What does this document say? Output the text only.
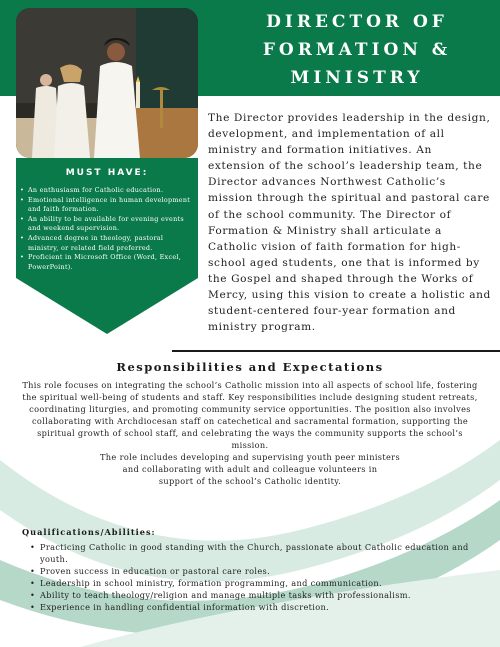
DIRECTOR OF
FORMATION &
MINISTRY
MUST HAVE:
• An enthusiasm for Catholic education.
• Emotional intelligence in human development and faith formation.
• An ability to be available for evening events and weekend supervision.
• Advanced degree in theology, pastoral ministry, or related field preferred.
• Proficient in Microsoft Office (Word, Excel, PowerPoint).
The Director provides leadership in the design, development, and implementation of all ministry and formation initiatives. An extension of the school’s leadership team, the Director advances Northwest Catholic’s mission through the spiritual and pastoral care of the school community. The Director of Formation & Ministry shall articulate a Catholic vision of faith formation for high-school aged students, one that is informed by the Gospel and shaped through the Works of Mercy, using this vision to create a holistic and student-centered four-year formation and ministry program.
Responsibilities and Expectations

This role focuses on integrating the school’s Catholic mission into all aspects of school life, fostering the spiritual well-being of students and staff. Key responsibilities include designing student retreats, coordinating liturgies, and promoting community service opportunities. The position also involves collaborating with Archdiocesan staff on catechetical and sacramental formation, supporting the spiritual growth of school staff, and celebrating the ways the community supports the school’s mission.

The role includes developing and supervising youth peer ministers

and collaborating with adult and colleague volunteers in

support of the school’s Catholic identity.

Qualifications/Abilities:
• Practicing Catholic in good standing with the Church, passionate about Catholic education and youth.
• Proven success in education or pastoral care roles.
• Leadership in school ministry, formation programming, and communication.
• Ability to teach theology/religion and manage multiple tasks with professionalism.
• Experience in handling confidential information with discretion.
